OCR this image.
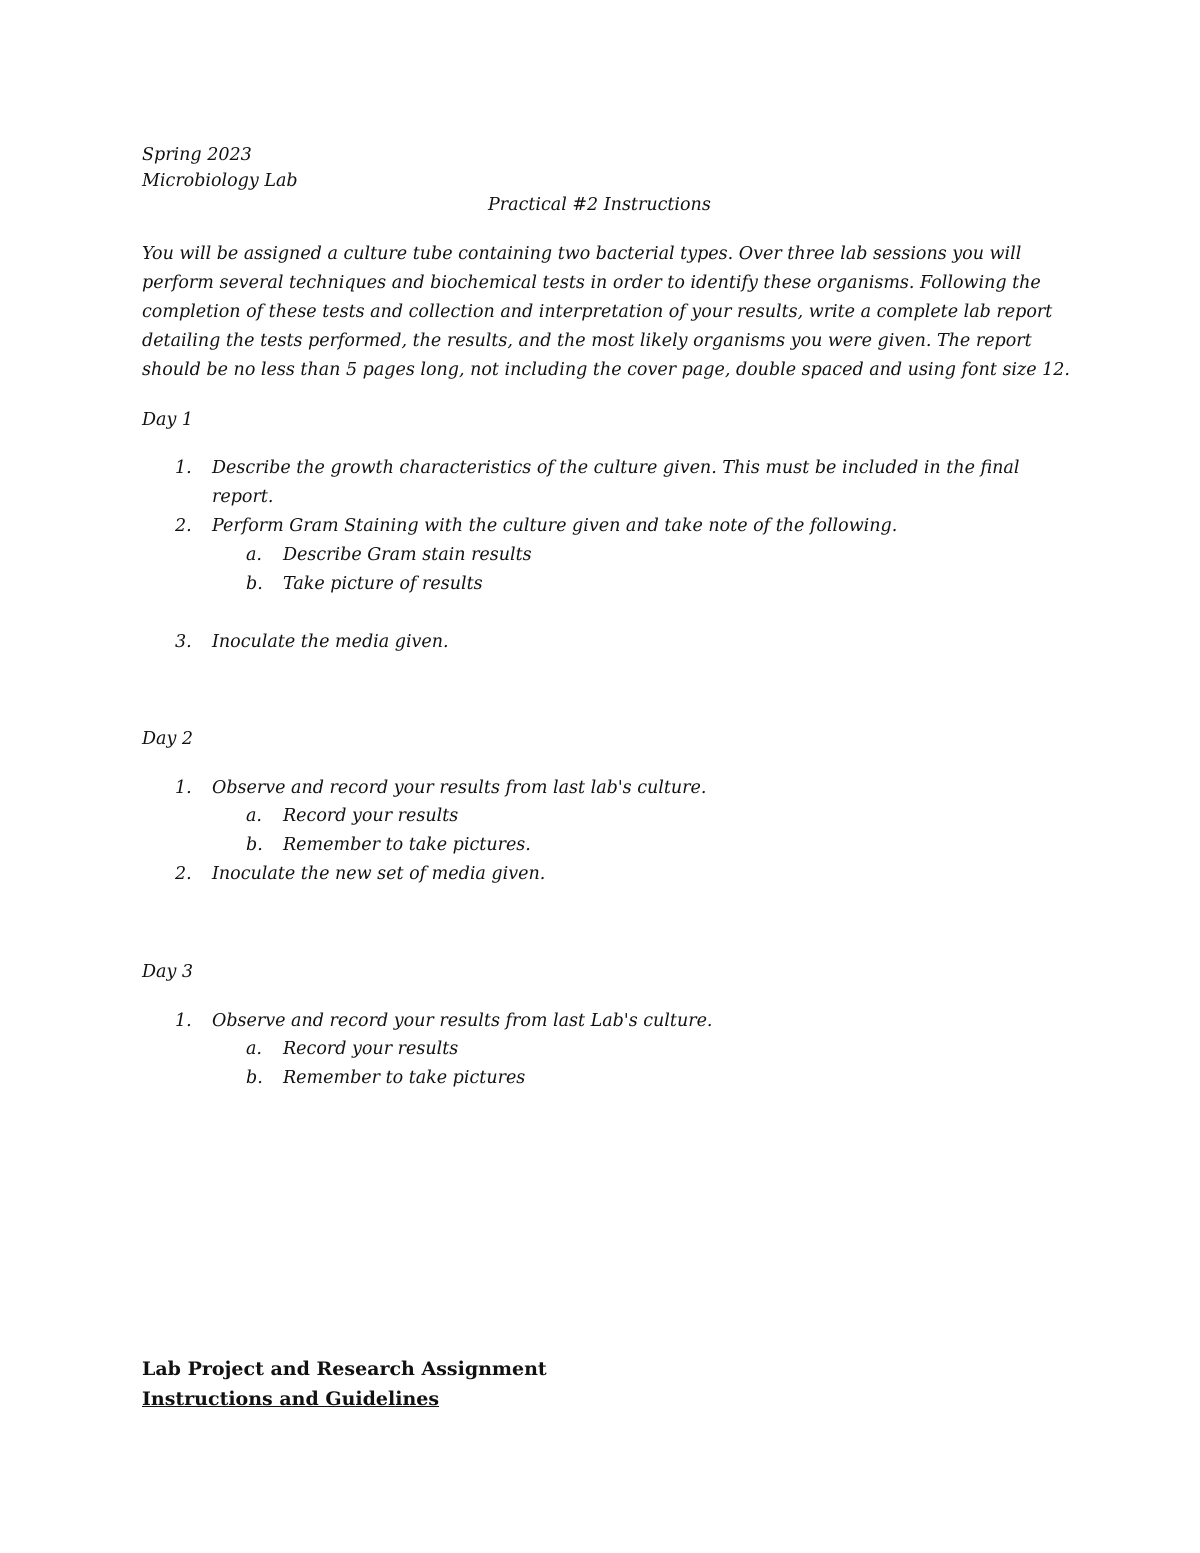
Spring 2023
Microbiology Lab
Practical #2 Instructions
You will be assigned a culture tube containing two bacterial types. Over three lab sessions you will
perform several techniques and biochemical tests in order to identify these organisms. Following the
completion of these tests and collection and interpretation of your results, write a complete lab report
detailing the tests performed, the results, and the most likely organisms you were given. The report
should be no less than 5 pages long, not including the cover page, double spaced and using font size 12.
Day 1
1.	Describe the growth characteristics of the culture given. This must be included in the final
report.
2.	Perform Gram Staining with the culture given and take note of the following.
a.	Describe Gram stain results
b.	Take picture of results
3.	Inoculate the media given.
Day 2
1.	Observe and record your results from last lab's culture.
a.	Record your results
b.	Remember to take pictures.
2.	Inoculate the new set of media given.
Day 3
1.	Observe and record your results from last Lab's culture.
a.	Record your results
b.	Remember to take pictures
Lab Project and Research Assignment
Instructions and Guidelines
